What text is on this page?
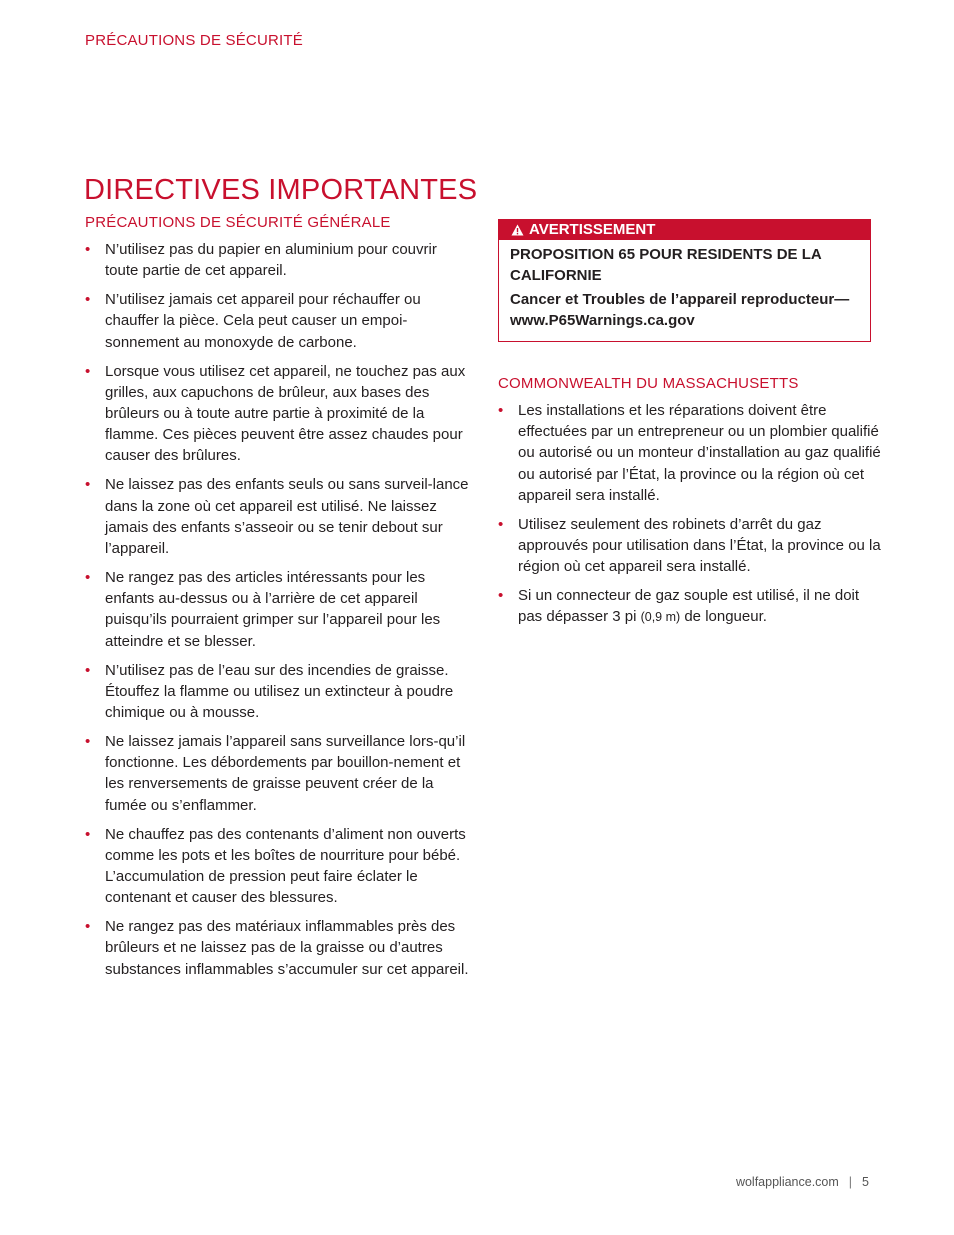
PRÉCAUTIONS DE SÉCURITÉ
DIRECTIVES IMPORTANTES
PRÉCAUTIONS DE SÉCURITÉ GÉNÉRALE
• N’utilisez pas du papier en aluminium pour couvrir toute partie de cet appareil.
• N’utilisez jamais cet appareil pour réchauffer ou chauffer la pièce. Cela peut causer un empoi-sonnement au monoxyde de carbone.
• Lorsque vous utilisez cet appareil, ne touchez pas aux grilles, aux capuchons de brûleur, aux bases des brûleurs ou à toute autre partie à proximité de la flamme. Ces pièces peuvent être assez chaudes pour causer des brûlures.
• Ne laissez pas des enfants seuls ou sans surveil-lance dans la zone où cet appareil est utilisé. Ne laissez jamais des enfants s’asseoir ou se tenir debout sur l’appareil.
• Ne rangez pas des articles intéressants pour les enfants au-dessus ou à l’arrière de cet appareil puisqu’ils pourraient grimper sur l’appareil pour les atteindre et se blesser.
• N’utilisez pas de l’eau sur des incendies de graisse. Étouffez la flamme ou utilisez un extincteur à poudre chimique ou à mousse.
• Ne laissez jamais l’appareil sans surveillance lors-qu’il fonctionne. Les débordements par bouillon-nement et les renversements de graisse peuvent créer de la fumée ou s’enflammer.
• Ne chauffez pas des contenants d’aliment non ouverts comme les pots et les boîtes de nourriture pour bébé. L’accumulation de pression peut faire éclater le contenant et causer des blessures.
• Ne rangez pas des matériaux inflammables près des brûleurs et ne laissez pas de la graisse ou d’autres substances inflammables s’accumuler sur cet appareil.
AVERTISSEMENT

PROPOSITION 65 POUR RESIDENTS DE LA CALIFORNIE

Cancer et Troubles de l’appareil reproducteur—www.P65Warnings.ca.gov

COMMONWEALTH DU MASSACHUSETTS
• Les installations et les réparations doivent être effectuées par un entrepreneur ou un plombier qualifié ou autorisé ou un monteur d’installation au gaz qualifié ou autorisé par l’État, la province ou la région où cet appareil sera installé.
• Utilisez seulement des robinets d’arrêt du gaz approuvés pour utilisation dans l’État, la province ou la région où cet appareil sera installé.
• Si un connecteur de gaz souple est utilisé, il ne doit pas dépasser 3 pi (0,9 m) de longueur.
wolfappliance.com | 5
